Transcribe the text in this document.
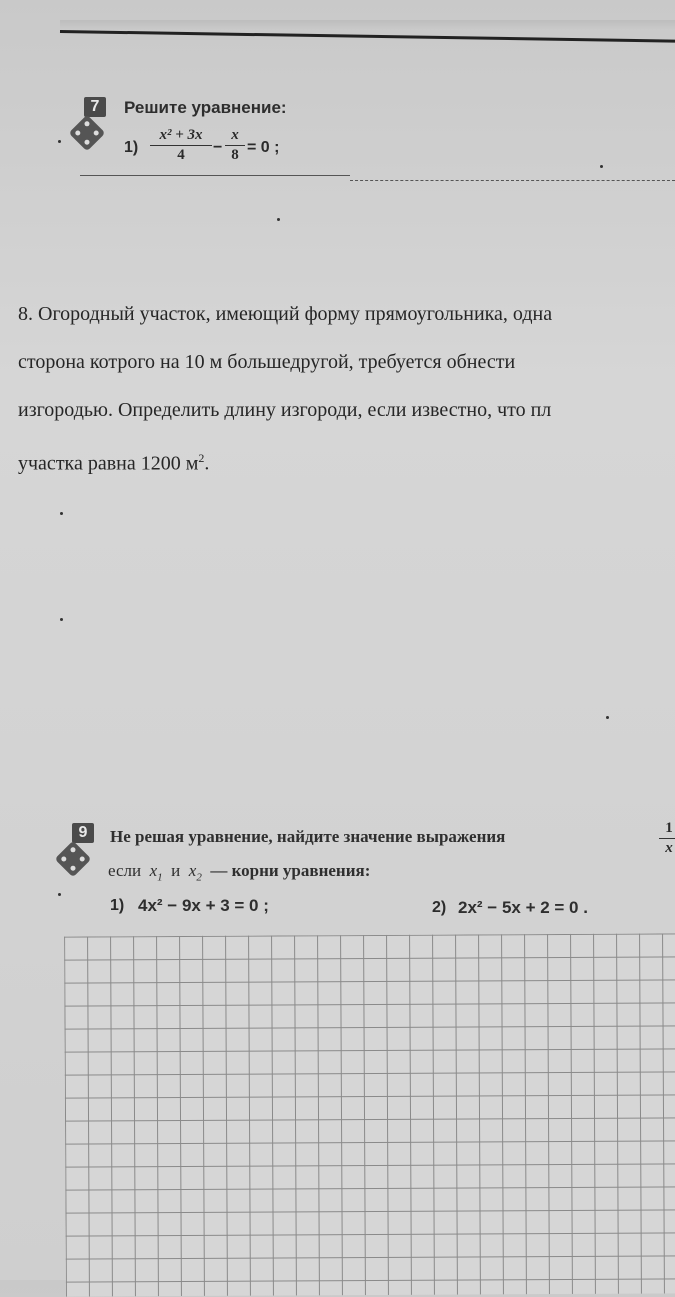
7	Решите уравнение:
1)
x² + 3x
4	−
x
8 = 0 ;
8. Огородный участок, имеющий форму прямоугольника, одна
сторона котрого на 10 м большедругой, требуется обнести
изгородью. Определить длину изгороди, если известно, что пл
участка равна 1200 $м^2$.
9	Не решая уравнение, найдите значение выражения	1
x
если $x_1$ и $x_2$ — корни уравнения:
1) 4x² − 9x + 3 = 0 ;	2) 2x² − 5x + 2 = 0 .
